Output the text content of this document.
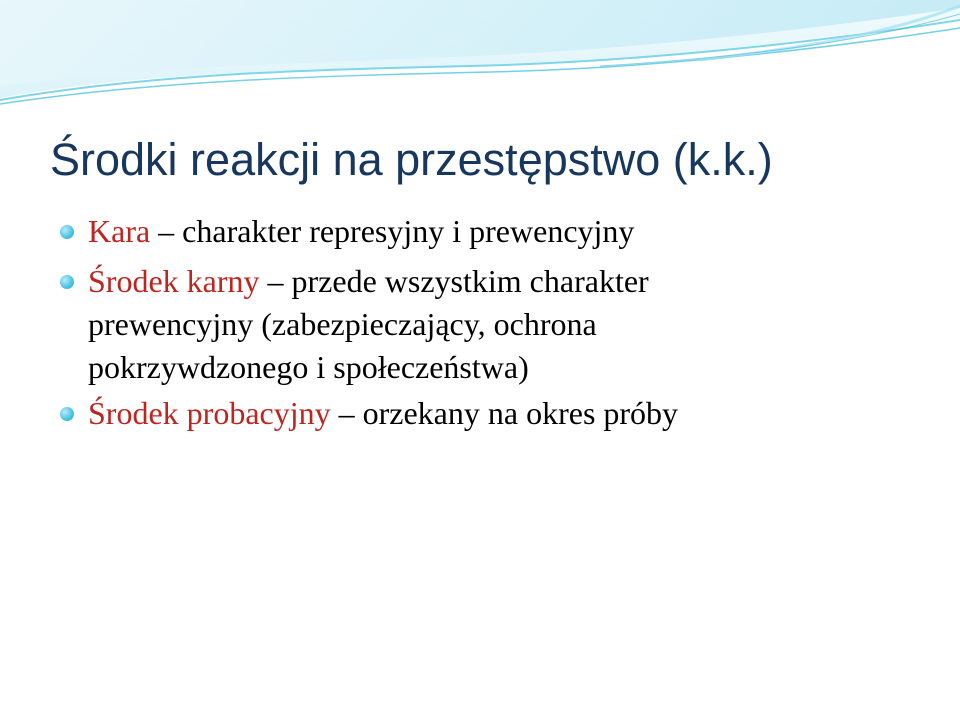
Środki reakcji na przestępstwo (k.k.)
Kara – charakter represyjny i prewencyjny
Środek karny – przede wszystkim charakter prewencyjny (zabezpieczający, ochrona pokrzywdzonego i społeczeństwa)
Środek probacyjny – orzekany na okres próby
